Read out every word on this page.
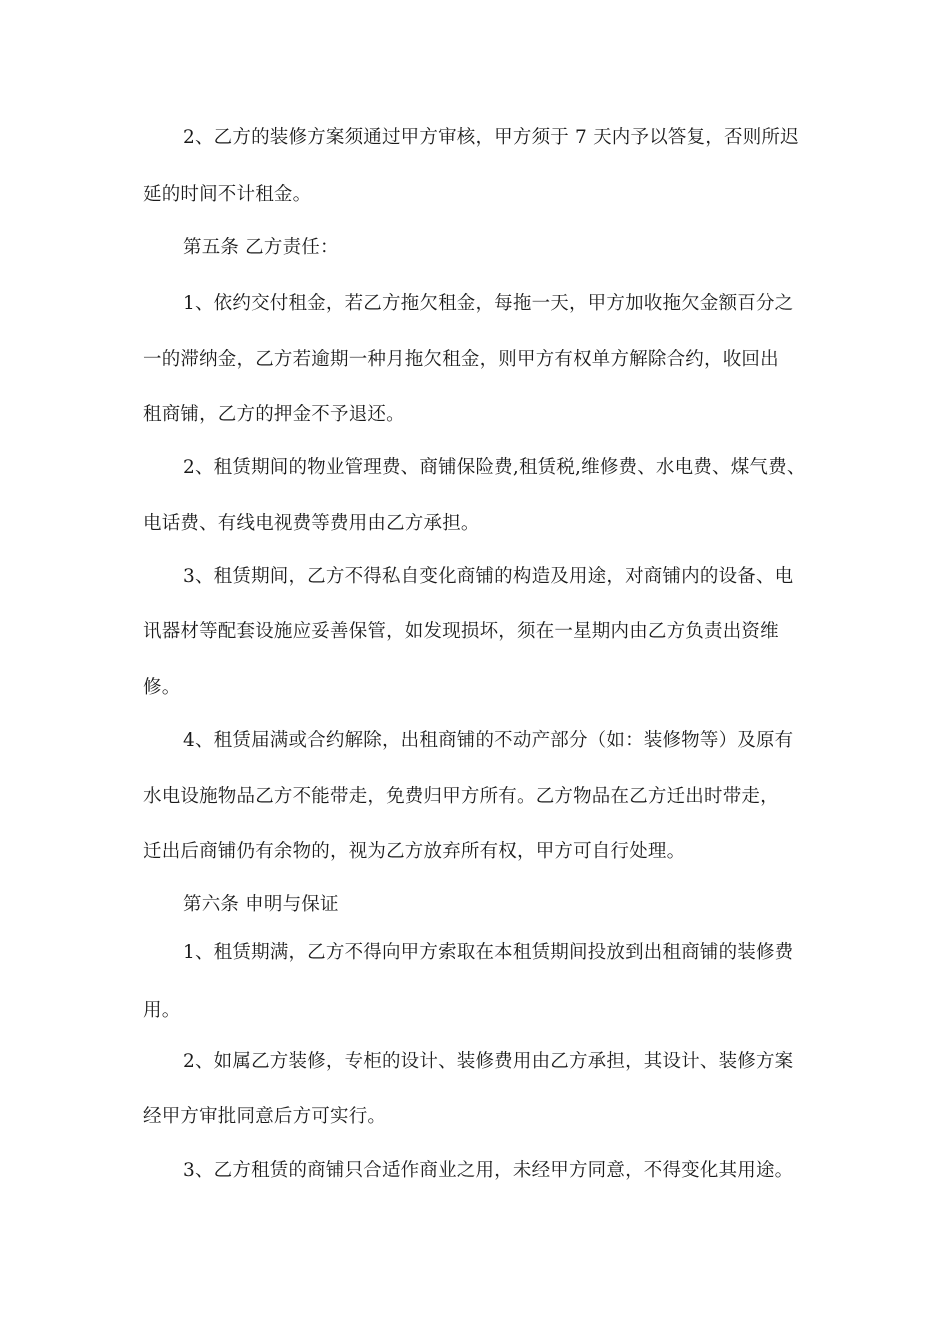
2、乙方的装修方案须通过甲方审核，甲方须于 7 天内予以答复，否则所迟
延的时间不计租金。
第五条 乙方责任：
1、依约交付租金，若乙方拖欠租金，每拖一天，甲方加收拖欠金额百分之
一的滞纳金，乙方若逾期一种月拖欠租金，则甲方有权单方解除合约，收回出
租商铺，乙方的押金不予退还。
2、租赁期间的物业管理费、商铺保险费,租赁税,维修费、水电费、煤气费、
电话费、有线电视费等费用由乙方承担。
3、租赁期间，乙方不得私自变化商铺的构造及用途，对商铺内的设备、电
讯器材等配套设施应妥善保管，如发现损坏，须在一星期内由乙方负责出资维
修。
4、租赁届满或合约解除，出租商铺的不动产部分（如：装修物等）及原有
水电设施物品乙方不能带走，免费归甲方所有。乙方物品在乙方迁出时带走，
迁出后商铺仍有余物的，视为乙方放弃所有权，甲方可自行处理。
第六条 申明与保证
1、租赁期满，乙方不得向甲方索取在本租赁期间投放到出租商铺的装修费
用。
2、如属乙方装修，专柜的设计、装修费用由乙方承担，其设计、装修方案
经甲方审批同意后方可实行。
3、乙方租赁的商铺只合适作商业之用，未经甲方同意，不得变化其用途。
